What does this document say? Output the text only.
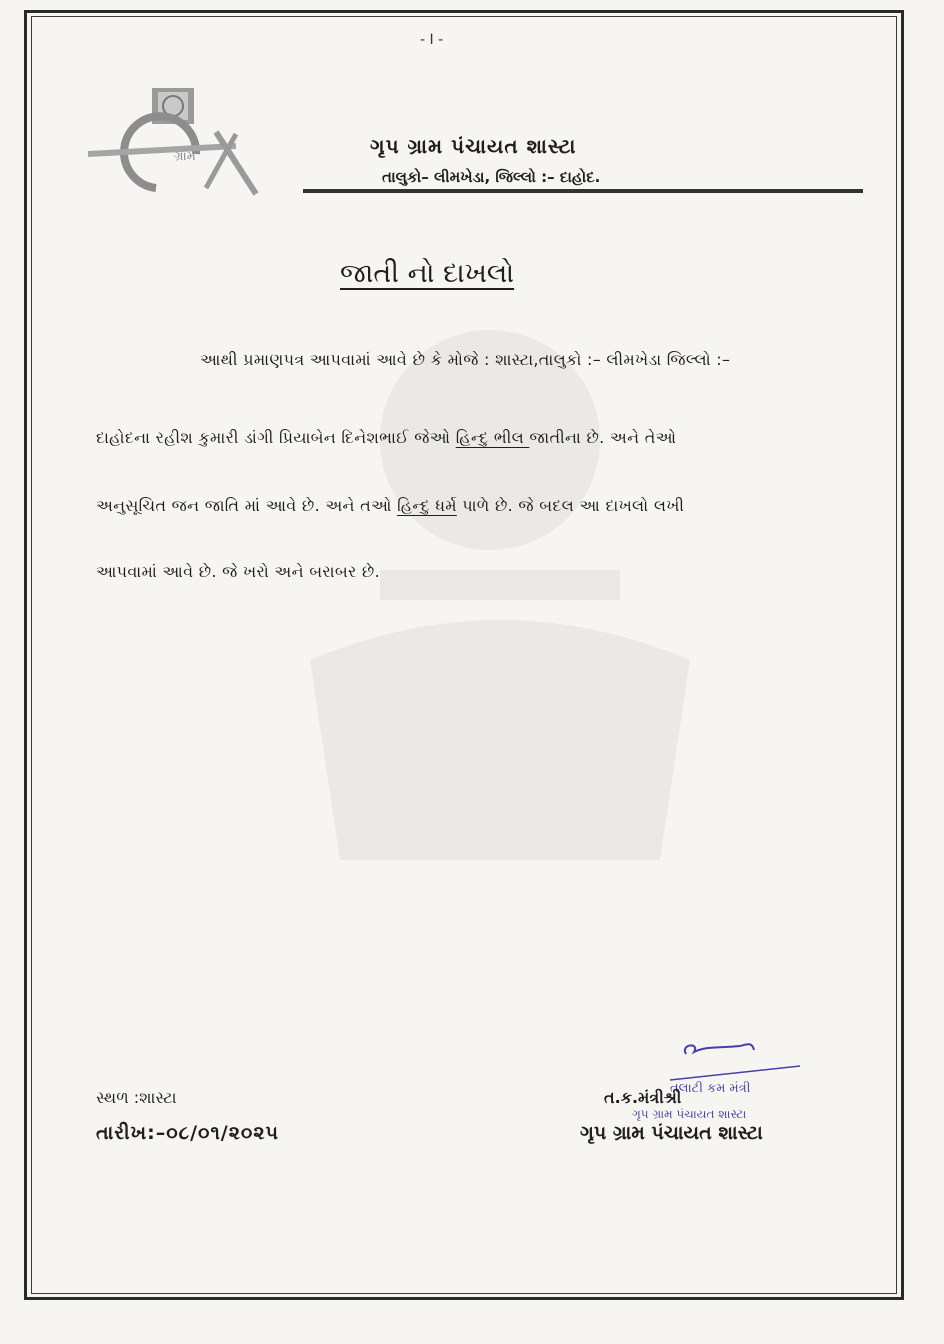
- I -
ગ્રામ	ગૃપ ગ્રામ પંચાયત શાસ્ટા
તાલુકો– લીમખેડા, જિલ્લો :– દાહોદ.
જાતી નો દાખલો
આથી પ્રમાણપત્ર આપવામાં આવે છે કે મોજે : શાસ્ટા,તાલુકો :– લીમખેડા જિલ્લો :–
દાહોદના રહીશ કુમારી ડાંગી પ્રિયાબેન દિનેશભાઈ જેઓ હિન્દુ ભીલ જાતીના છે. અને તેઓ
અનુસૂચિત જન જાતિ માં આવે છે. અને તઓ હિન્દુ ધર્મ પાળે છે. જે બદલ આ દાખલો લખી
આપવામાં આવે છે. જે ખરો અને બરાબર છે.
સ્થળ :શાસ્ટા
તારીખ:–૦૮/૦૧/૨૦૨૫
તલાટી કમ મંત્રી
ગૃપ ગ્રામ પંચાયત શાસ્ટા
ત.ક.મંત્રીશ્રી
ગૃપ ગ્રામ પંચાયત શાસ્ટા
